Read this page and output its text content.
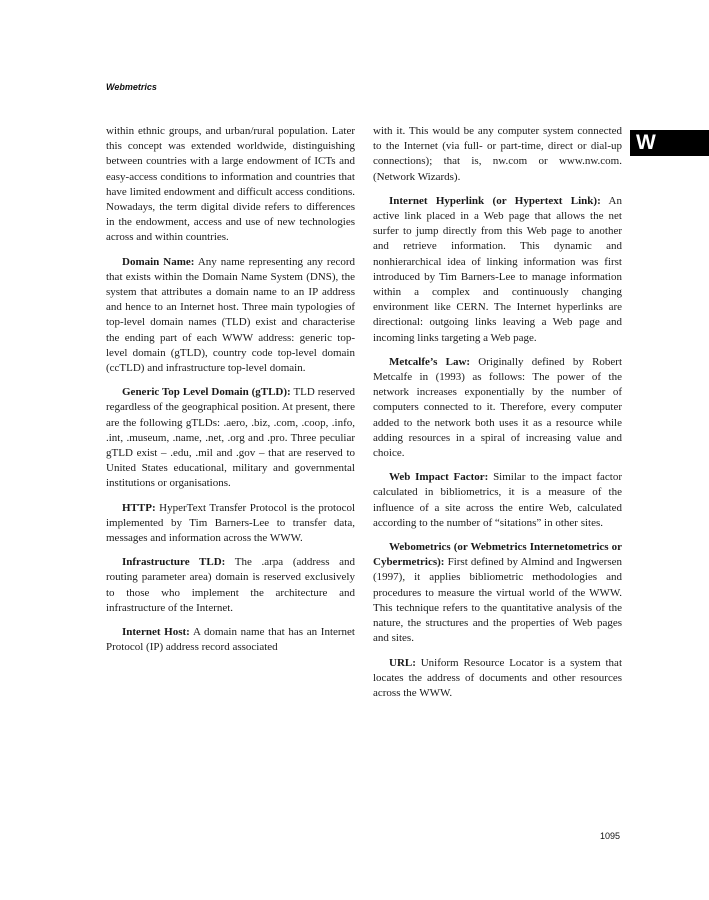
Webmetrics
W

within ethnic groups, and urban/rural population. Later this concept was extended worldwide, distinguishing between countries with a large endowment of ICTs and easy-access conditions to information and countries that have limited endowment and difficult access conditions. Nowadays, the term digital divide refers to differences in the endowment, access and use of new technologies across and within countries.

Domain Name: Any name representing any record that exists within the Domain Name System (DNS), the system that attributes a domain name to an IP address and hence to an Internet host. Three main typologies of top-level domain names (TLD) exist and characterise the ending part of each WWW address: generic top-level domain (gTLD), country code top-level domain (ccTLD) and infrastructure top-level domain.

Generic Top Level Domain (gTLD): TLD reserved regardless of the geographical position. At present, there are the following gTLDs: .aero, .biz, .com, .coop, .info, .int, .museum, .name, .net, .org and .pro. Three peculiar gTLD exist – .edu, .mil and .gov – that are reserved to United States educational, military and governmental institutions or organisations.

HTTP: HyperText Transfer Protocol is the protocol implemented by Tim Barners-Lee to transfer data, messages and information across the WWW.

Infrastructure TLD: The .arpa (address and routing parameter area) domain is reserved exclusively to those who implement the architecture and infrastructure of the Internet.

Internet Host: A domain name that has an Internet Protocol (IP) address record associated

with it. This would be any computer system connected to the Internet (via full- or part-time, direct or dial-up connections); that is, nw.com or www.nw.com. (Network Wizards).

Internet Hyperlink (or Hypertext Link): An active link placed in a Web page that allows the net surfer to jump directly from this Web page to another and retrieve information. This dynamic and nonhierarchical idea of linking information was first introduced by Tim Barners-Lee to manage information within a complex and continuously changing environment like CERN. The Internet hyperlinks are directional: outgoing links leaving a Web page and incoming links targeting a Web page.

Metcalfe’s Law: Originally defined by Robert Metcalfe in (1993) as follows: The power of the network increases exponentially by the number of computers connected to it. Therefore, every computer added to the network both uses it as a resource while adding resources in a spiral of increasing value and choice.

Web Impact Factor: Similar to the impact factor calculated in bibliometrics, it is a measure of the influence of a site across the entire Web, calculated according to the number of “sitations” in other sites.

Webometrics (or Webmetrics Internetometrics or Cybermetrics): First defined by Almind and Ingwersen (1997), it applies bibliometric methodologies and procedures to measure the virtual world of the WWW. This technique refers to the quantitative analysis of the nature, the structures and the properties of Web pages and sites.

URL: Uniform Resource Locator is a system that locates the address of documents and other resources across the WWW.

1095
